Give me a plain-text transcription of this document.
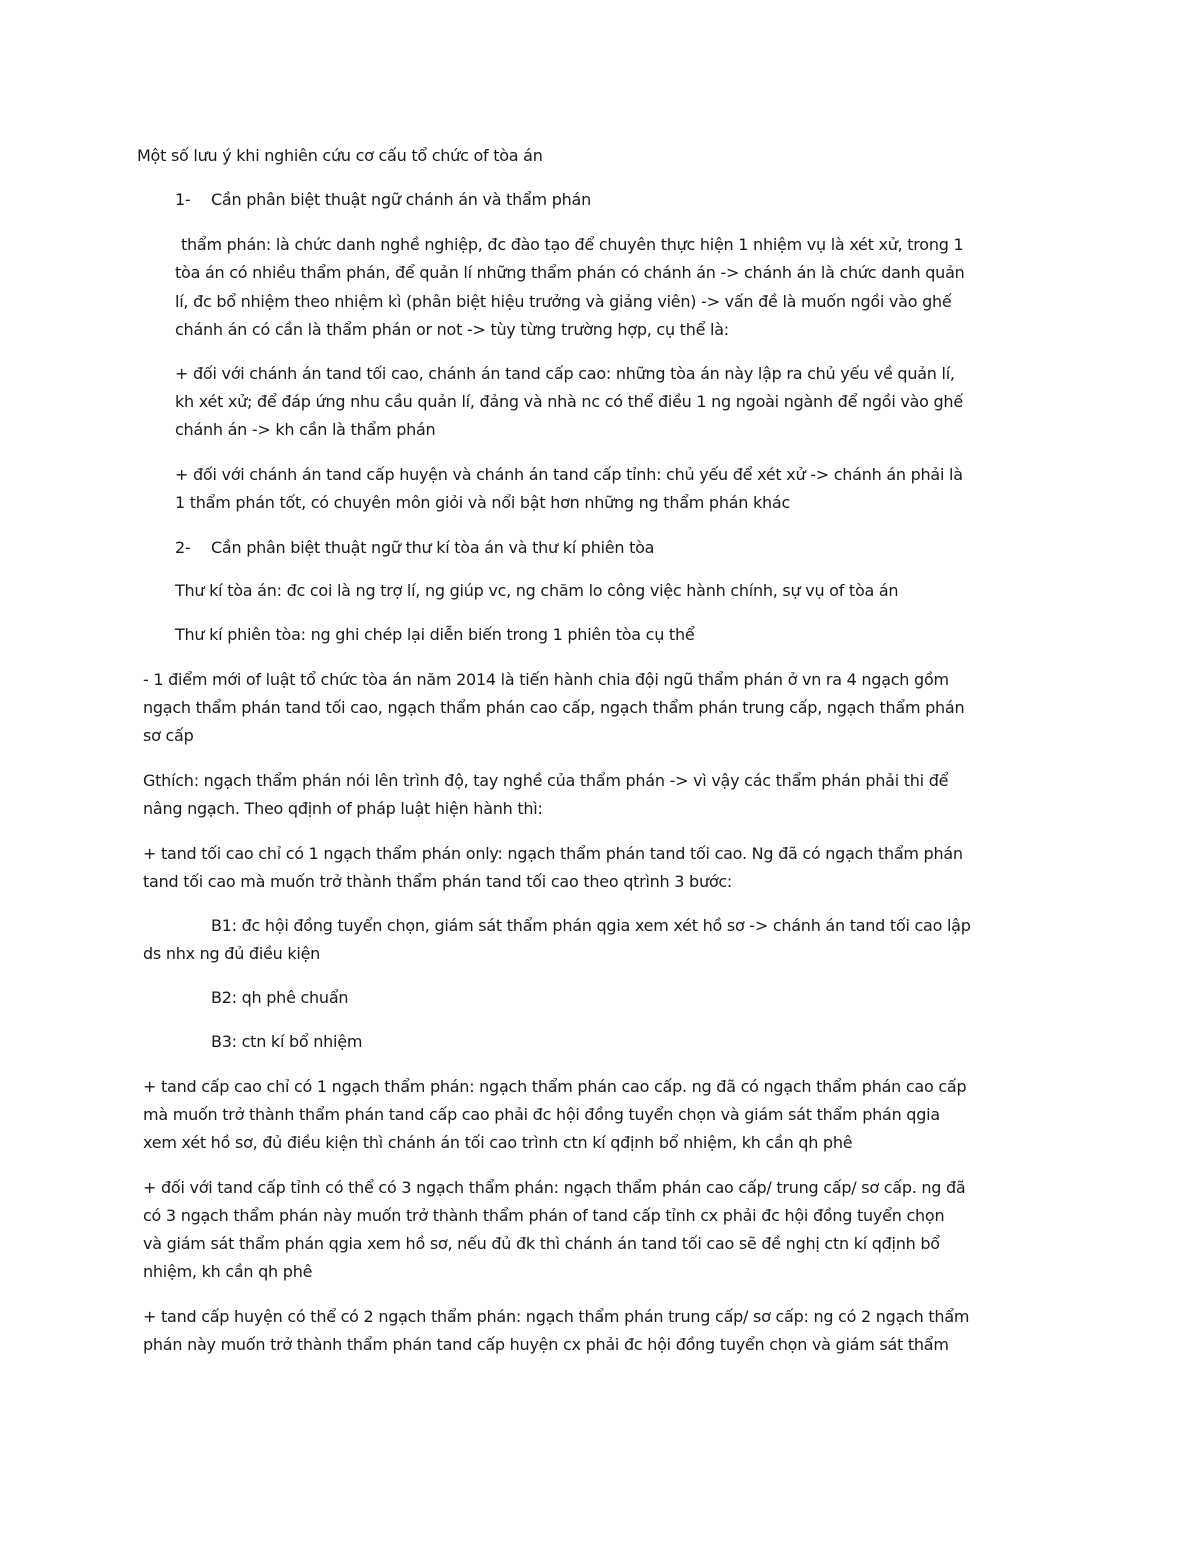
Một số lưu ý khi nghiên cứu cơ cấu tổ chức of tòa án
1- Cần phân biệt thuật ngữ chánh án và thẩm phán
thẩm phán: là chức danh nghề nghiệp, đc đào tạo để chuyên thực hiện 1 nhiệm vụ là xét xử, trong 1
tòa án có nhiều thẩm phán, để quản lí những thẩm phán có chánh án -> chánh án là chức danh quản
lí, đc bổ nhiệm theo nhiệm kì (phân biệt hiệu trưởng và giảng viên) -> vấn đề là muốn ngồi vào ghế
chánh án có cần là thẩm phán or not -> tùy từng trường hợp, cụ thể là:
+ đối với chánh án tand tối cao, chánh án tand cấp cao: những tòa án này lập ra chủ yếu về quản lí,
kh xét xử; để đáp ứng nhu cầu quản lí, đảng và nhà nc có thể điều 1 ng ngoài ngành để ngồi vào ghế
chánh án -> kh cần là thẩm phán
+ đối với chánh án tand cấp huyện và chánh án tand cấp tỉnh: chủ yếu để xét xử -> chánh án phải là
1 thẩm phán tốt, có chuyên môn giỏi và nổi bật hơn những ng thẩm phán khác
2- Cần phân biệt thuật ngữ thư kí tòa án và thư kí phiên tòa
Thư kí tòa án: đc coi là ng trợ lí, ng giúp vc, ng chăm lo công việc hành chính, sự vụ of tòa án
Thư kí phiên tòa: ng ghi chép lại diễn biến trong 1 phiên tòa cụ thể
- 1 điểm mới of luật tổ chức tòa án năm 2014 là tiến hành chia đội ngũ thẩm phán ở vn ra 4 ngạch gồm
ngạch thẩm phán tand tối cao, ngạch thẩm phán cao cấp, ngạch thẩm phán trung cấp, ngạch thẩm phán
sơ cấp
Gthích: ngạch thẩm phán nói lên trình độ, tay nghề của thẩm phán -> vì vậy các thẩm phán phải thi để
nâng ngạch. Theo qđịnh of pháp luật hiện hành thì:
+ tand tối cao chỉ có 1 ngạch thẩm phán only: ngạch thẩm phán tand tối cao. Ng đã có ngạch thẩm phán
tand tối cao mà muốn trở thành thẩm phán tand tối cao theo qtrình 3 bước:
B1: đc hội đồng tuyển chọn, giám sát thẩm phán qgia xem xét hồ sơ -> chánh án tand tối cao lập
ds nhx ng đủ điều kiện
B2: qh phê chuẩn
B3: ctn kí bổ nhiệm
+ tand cấp cao chỉ có 1 ngạch thẩm phán: ngạch thẩm phán cao cấp. ng đã có ngạch thẩm phán cao cấp
mà muốn trở thành thẩm phán tand cấp cao phải đc hội đồng tuyển chọn và giám sát thẩm phán qgia
xem xét hồ sơ, đủ điều kiện thì chánh án tối cao trình ctn kí qđịnh bổ nhiệm, kh cần qh phê
+ đối với tand cấp tỉnh có thể có 3 ngạch thẩm phán: ngạch thẩm phán cao cấp/ trung cấp/ sơ cấp. ng đã
có 3 ngạch thẩm phán này muốn trở thành thẩm phán of tand cấp tỉnh cx phải đc hội đồng tuyển chọn
và giám sát thẩm phán qgia xem hồ sơ, nếu đủ đk thì chánh án tand tối cao sẽ đề nghị ctn kí qđịnh bổ
nhiệm, kh cần qh phê
+ tand cấp huyện có thể có 2 ngạch thẩm phán: ngạch thẩm phán trung cấp/ sơ cấp: ng có 2 ngạch thẩm
phán này muốn trở thành thẩm phán tand cấp huyện cx phải đc hội đồng tuyển chọn và giám sát thẩm
